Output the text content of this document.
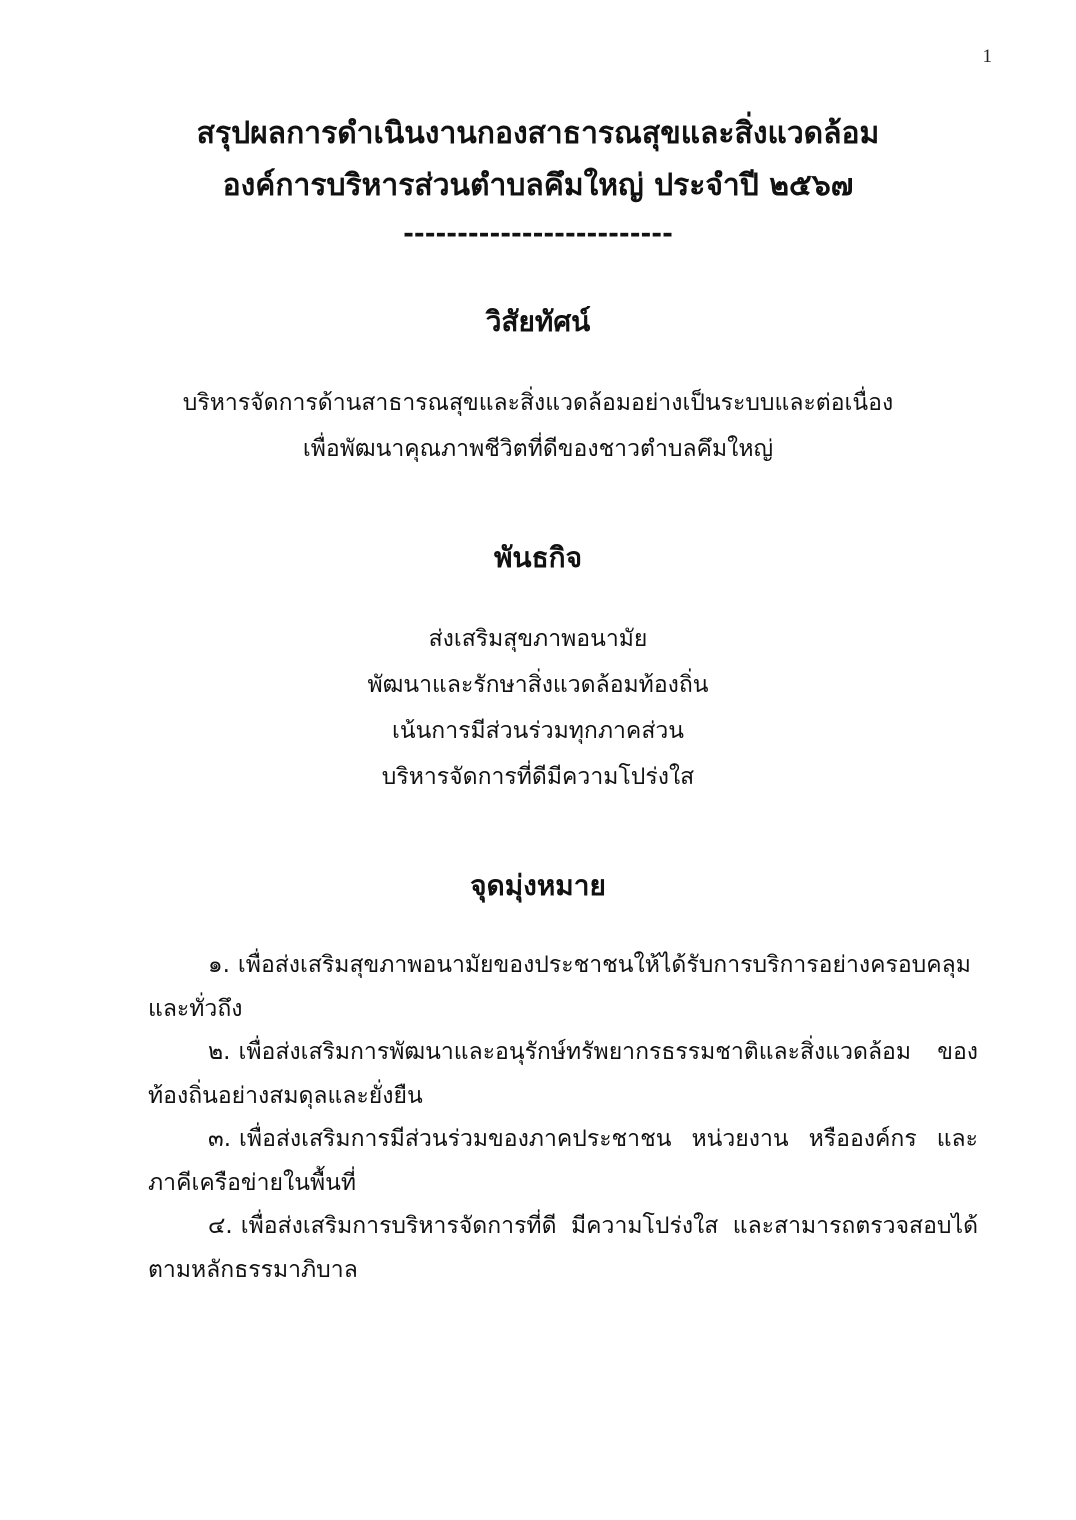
1

สรุปผลการดำเนินงานกองสาธารณสุขและสิ่งแวดล้อม

องค์การบริหารส่วนตำบลคึมใหญ่ ประจำปี ๒๕๖๗

-------------------------
วิสัยทัศน์
บริหารจัดการด้านสาธารณสุขและสิ่งแวดล้อมอย่างเป็นระบบและต่อเนื่อง
เพื่อพัฒนาคุณภาพชีวิตที่ดีของชาวตำบลคึมใหญ่
พันธกิจ
ส่งเสริมสุขภาพอนามัย
พัฒนาและรักษาสิ่งแวดล้อมท้องถิ่น
เน้นการมีส่วนร่วมทุกภาคส่วน
บริหารจัดการที่ดีมีความโปร่งใส
จุดมุ่งหมาย

๑. เพื่อส่งเสริมสุขภาพอนามัยของประชาชนให้ได้รับการบริการอย่างครอบคลุม และทั่วถึง

๒. เพื่อส่งเสริมการพัฒนาและอนุรักษ์ทรัพยากรธรรมชาติและสิ่งแวดล้อม ของท้องถิ่นอย่างสมดุลและยั่งยืน

๓. เพื่อส่งเสริมการมีส่วนร่วมของภาคประชาชน หน่วยงาน หรือองค์กร และ ภาคีเครือข่ายในพื้นที่

๔. เพื่อส่งเสริมการบริหารจัดการที่ดี มีความโปร่งใส และสามารถตรวจสอบได้ ตามหลักธรรมาภิบาล
